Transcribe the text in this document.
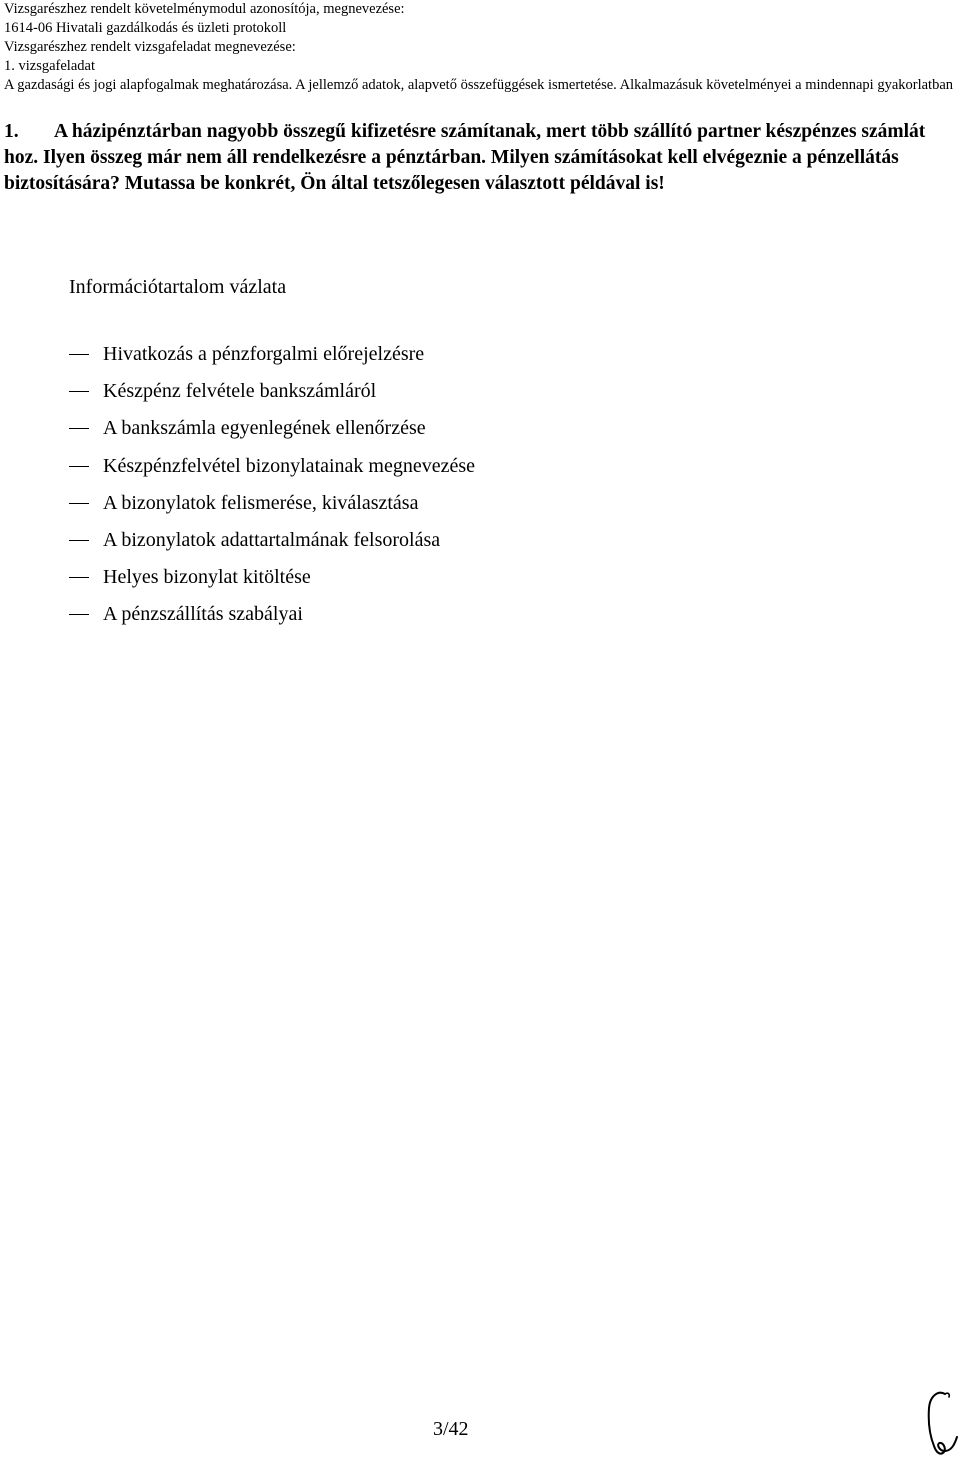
Vizsgarészhez rendelt követelménymodul azonosítója, megnevezése:
1614-06 Hivatali gazdálkodás és üzleti protokoll
Vizsgarészhez rendelt vizsgafeladat megnevezése:
1. vizsgafeladat
A gazdasági és jogi alapfogalmak meghatározása. A jellemző adatok, alapvető összefüggések ismertetése. Alkalmazásuk követelményei a mindennapi gyakorlatban
1. A házipénztárban nagyobb összegű kifizetésre számítanak, mert több szállító partner készpénzes számlát hoz. Ilyen összeg már nem áll rendelkezésre a pénztárban. Milyen számításokat kell elvégeznie a pénzellátás biztosítására? Mutassa be konkrét, Ön által tetszőlegesen választott példával is!
Információtartalom vázlata
Hivatkozás a pénzforgalmi előrejelzésre
Készpénz felvétele bankszámláról
A bankszámla egyenlegének ellenőrzése
Készpénzfelvétel bizonylatainak megnevezése
A bizonylatok felismerése, kiválasztása
A bizonylatok adattartalmának felsorolása
Helyes bizonylat kitöltése
A pénzszállítás szabályai
3/42
